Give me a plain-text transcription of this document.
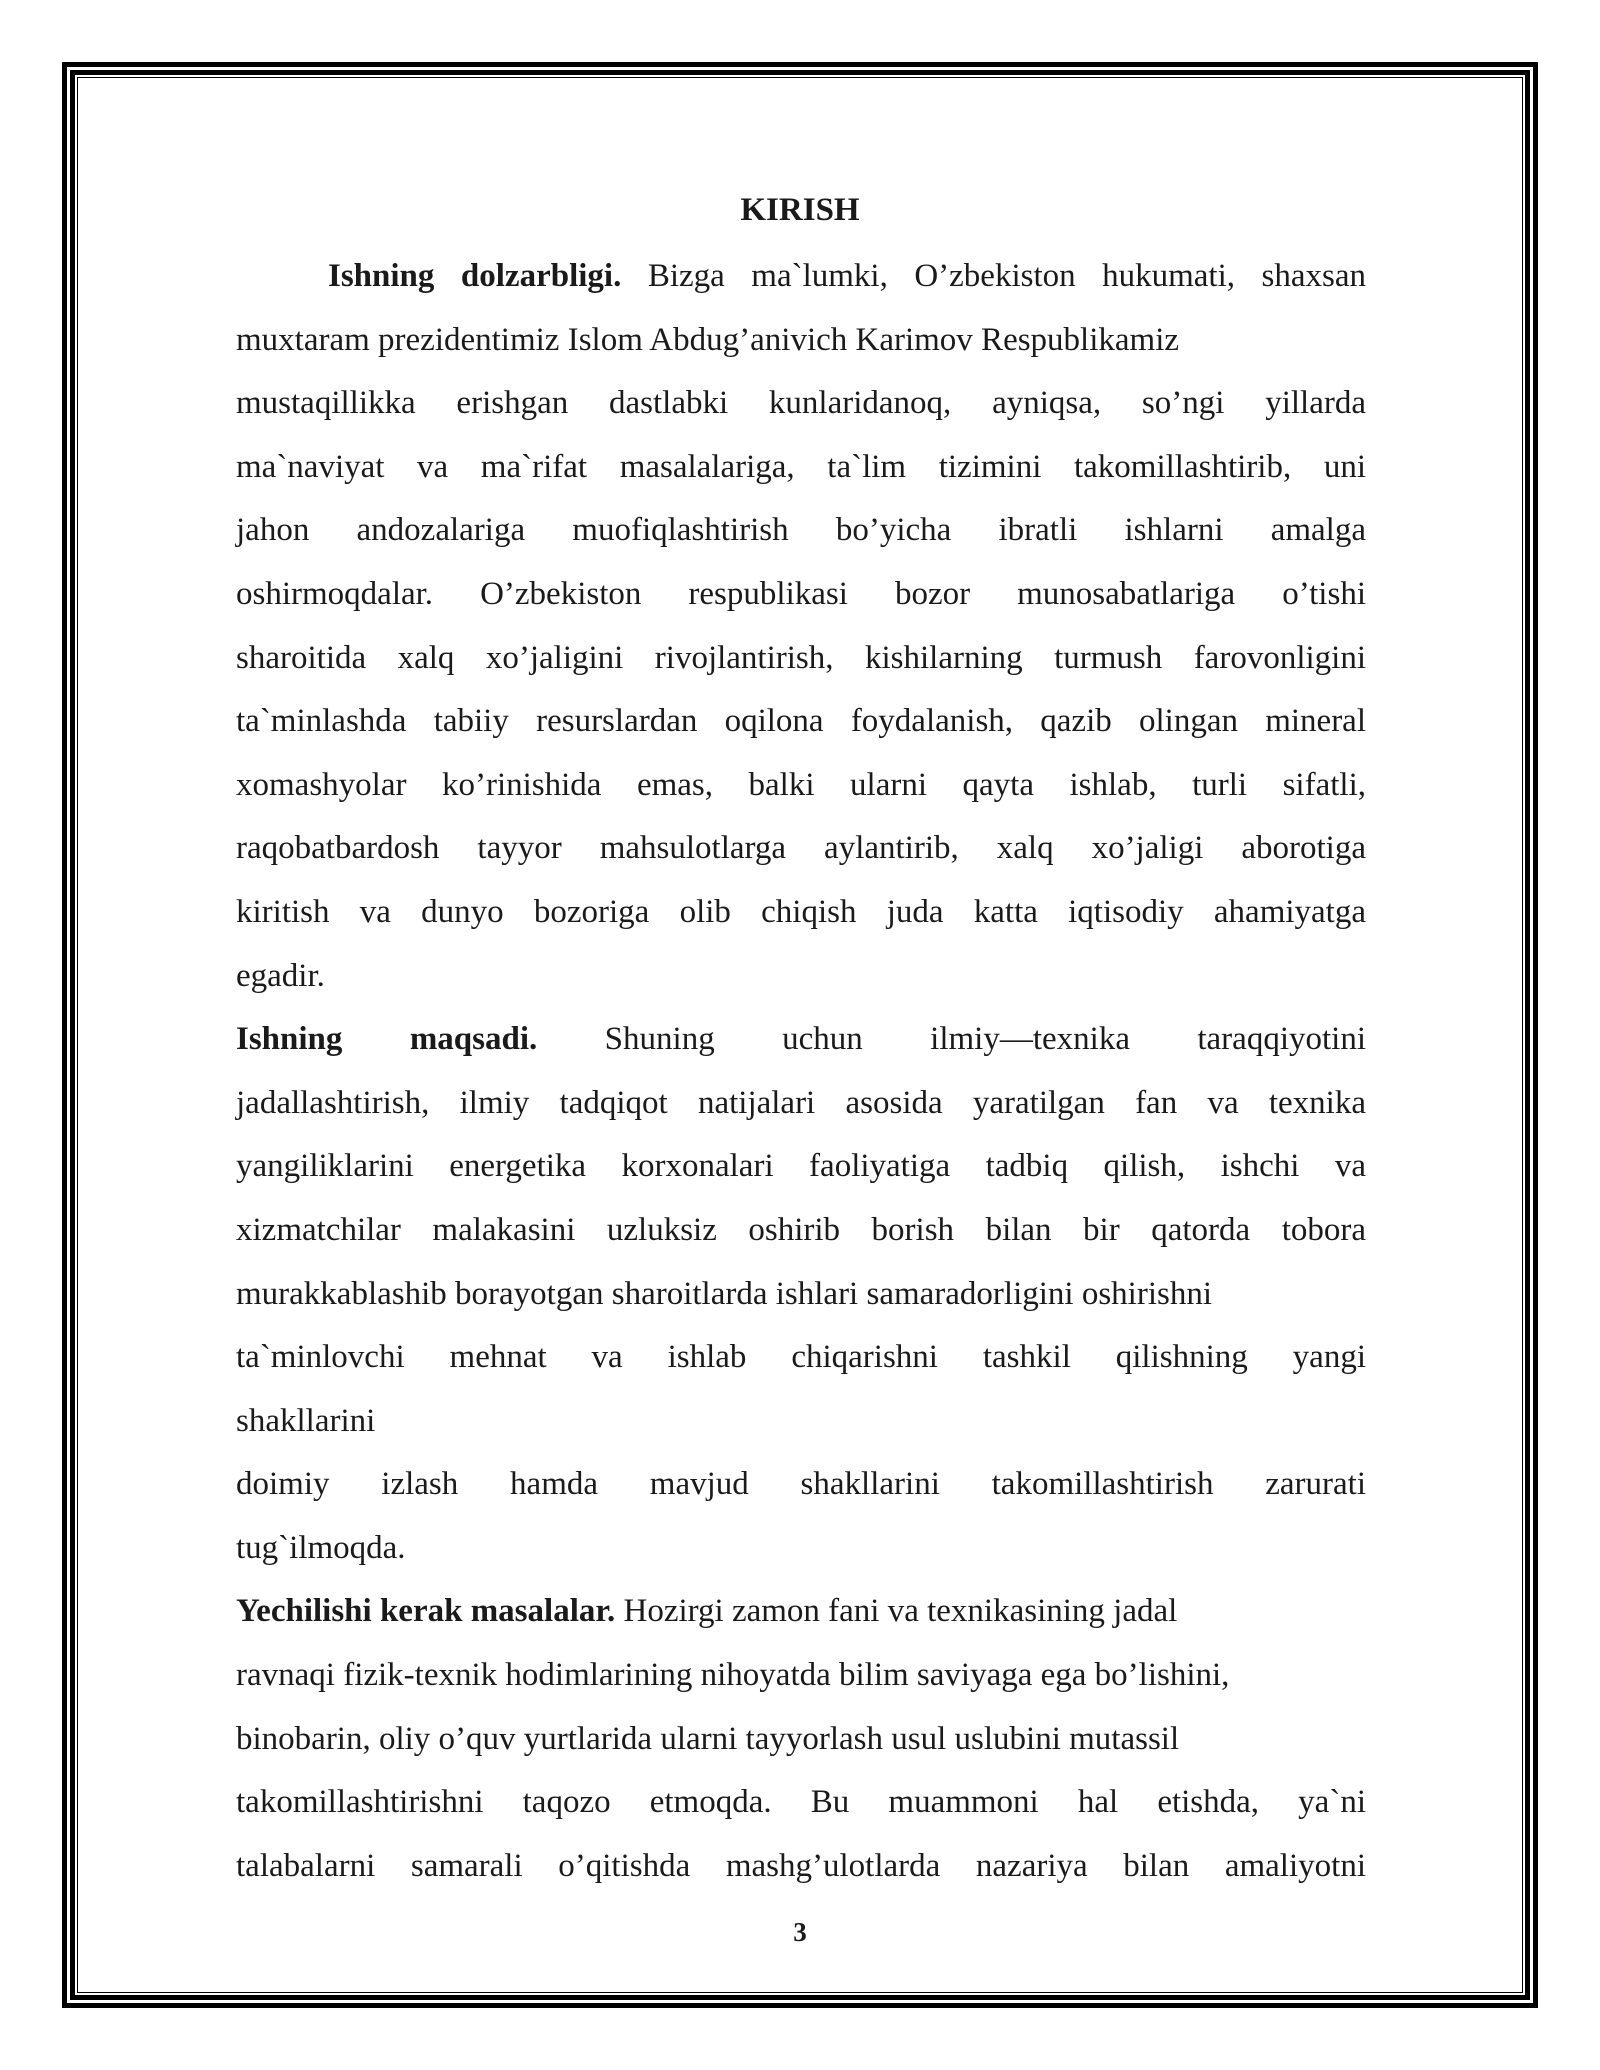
KIRISH
Ishning dolzarbligi. Bizga ma`lumki, O’zbekiston hukumati, shaxsan
muxtaram prezidentimiz Islom Abdug’anivich Karimov Respublikamiz
mustaqillikka erishgan dastlabki kunlaridanoq, ayniqsa, so’ngi yillarda
ma`naviyat va ma`rifat masalalariga, ta`lim tizimini takomillashtirib, uni
jahon andozalariga muofiqlashtirish bo’yicha ibratli ishlarni amalga
oshirmoqdalar. O’zbekiston respublikasi bozor munosabatlariga o’tishi
sharoitida xalq xo’jaligini rivojlantirish, kishilarning turmush farovonligini
ta`minlashda tabiiy resurslardan oqilona foydalanish, qazib olingan mineral
xomashyolar ko’rinishida emas, balki ularni qayta ishlab, turli sifatli,
raqobatbardosh tayyor mahsulotlarga aylantirib, xalq xo’jaligi aborotiga
kiritish va dunyo bozoriga olib chiqish juda katta iqtisodiy ahamiyatga
egadir.
Ishning maqsadi. Shuning uchun ilmiy—texnika taraqqiyotini
jadallashtirish, ilmiy tadqiqot natijalari asosida yaratilgan fan va texnika
yangiliklarini energetika korxonalari faoliyatiga tadbiq qilish, ishchi va
xizmatchilar malakasini uzluksiz oshirib borish bilan bir qatorda tobora
murakkablashib borayotgan sharoitlarda ishlari samaradorligini oshirishni
ta`minlovchi mehnat va ishlab chiqarishni tashkil qilishning yangi
shakllarini
doimiy izlash hamda mavjud shakllarini takomillashtirish zarurati
tug`ilmoqda.
Yechilishi kerak masalalar. Hozirgi zamon fani va texnikasining jadal
ravnaqi fizik-texnik hodimlarining nihoyatda bilim saviyaga ega bo’lishini,
binobarin, oliy o’quv yurtlarida ularni tayyorlash usul uslubini mutassil
takomillashtirishni taqozo etmoqda. Bu muammoni hal etishda, ya`ni
talabalarni samarali o’qitishda mashg’ulotlarda nazariya bilan amaliyotni
3
